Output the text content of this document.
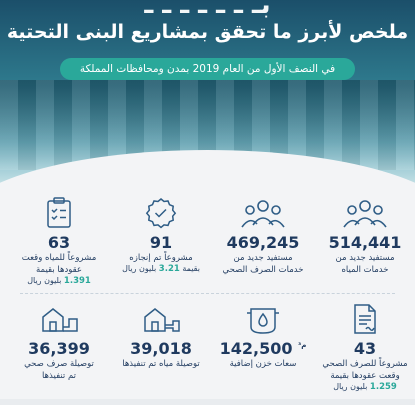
بـ ـ ـ ـ ـ ـ ـ
ملخص لأبرز ما تحقق بمشاريع البنى التحتية
في النصف الأول من العام 2019 بمدن ومحافظات المملكة
514,441
مستفيد جديد من
خدمات المياه
469,245
مستفيد جديد من
خدمات الصرف الصحي
91
مشروعاً تم إنجازه
بقيمة 3.21 بليون ريال
63
مشروعاً للمياه وقعت
عقودها بقيمة
1.391 بليون ريال
43
مشروعاً للصرف الصحي
وقعت عقودها بقيمة
1.259 بليون ريال
142,500 $^{م^3}$
سعات خزن إضافية
39,018
توصيلة مياه تم تنفيذها
36,399
توصيلة صرف صحي
تم تنفيذها
